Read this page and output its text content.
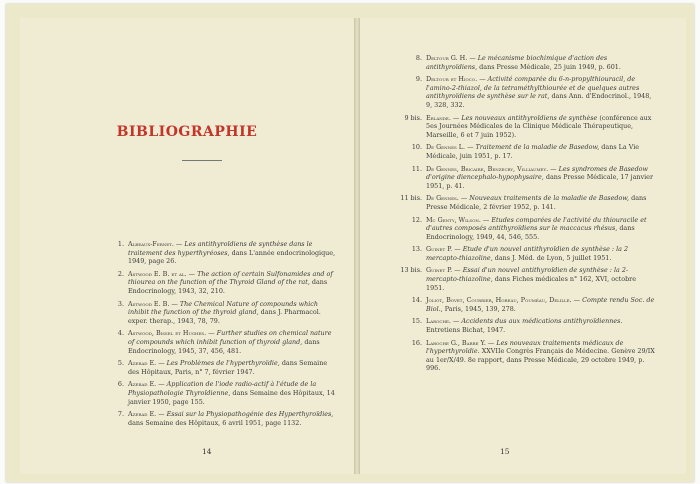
BIBLIOGRAPHIE
1. Albeaux-Fernet. — Les antithyroïdiens de synthèse dans le traitement des hyperthyréoses, dans L'année endocrinologique, 1949, page 26.
2. Astwood E. B. et al. — The action of certain Sulfonamides and of thiourea on the function of the Thyroid Gland of the rat, dans Endocrinology, 1943, 32, 210.
3. Astwood E. B. — The Chemical Nature of compounds which inhibit the function of the thyroid gland, dans J. Pharmacol. exper. therap., 1943, 78, 79.
4. Astwood, Bissel et Hughes. — Further studies on chemical nature of compounds which inhibit function of thyroid gland, dans Endocrinology, 1945, 37, 456, 481.
5. Azerad E. — Les Problèmes de l'hyperthyroïdie, dans Semaine des Hôpitaux, Paris, n° 7, février 1947.
6. Azerad E. — Application de l'iode radio-actif à l'étude de la Physiopathologie Thyroïdienne, dans Semaine des Hôpitaux, 14 janvier 1950, page 155.
7. Azerad E. — Essai sur la Physiopathogénie des Hyperthyroïdies, dans Semaine des Hôpitaux, 6 avril 1951, page 1132.
14
8. Deltour G. H. — Le mécanisme biochimique d'action des antithyroïdiens, dans Presse Médicale, 25 juin 1949, p. 601.
9. Deltour et Hioco. — Activité comparée du 6-n-propylthiouracil, de l'amino-2-thiazol, de la tetraméthylthiourée et de quelques autres antithyroïdiens de synthèse sur le rat, dans Ann. d'Endocrinol., 1948, 9, 328, 332.
9 bis. Erlande. — Les nouveaux antithyroïdiens de synthèse (conférence aux 5es Journées Médicales de la Clinique Médicale Thérapeutique, Marseille, 6 et 7 juin 1952).
10. De Gennes L. — Traitement de la maladie de Basedow, dans La Vie Médicale, juin 1951, p. 17.
11. De Gennes, Bricaire, Benzecry, Villiaumey. — Les syndromes de Basedow d'origine diencephalo-hypophysaire, dans Presse Médicale, 17 janvier 1951, p. 41.
11 bis. De Gennes. — Nouveaux traitements de la maladie de Basedow, dans Presse Médicale, 2 février 1952, p. 141.
12. Mc Genty, Wilson. — Etudes comparées de l'activité du thiouracile et d'autres composés antithyroïdiens sur le maccacus rhésus, dans Endocrinology, 1949, 44, 546, 555.
13. Guinet P. — Etude d'un nouvel antithyroïdien de synthèse : la 2 mercapto-thiazoline, dans J. Méd. de Lyon, 5 juillet 1951.
13 bis. Guinet P. — Essai d'un nouvel antithyroïdien de synthèse : la 2-mercapto-thiazoline, dans Fiches médicales n° 162, XVI, octobre 1951.
14. Joliot, Bovet, Courrier, Horeau, Pouméau, Delille. — Compte rendu Soc. de Biol., Paris, 1945, 139, 278.
15. Laroche. — Accidents dus aux médications antithyroïdiennes. Entretiens Bichat, 1947.
16. Laroche G., Barre Y. — Les nouveaux traitements médicaux de l'hyperthyroïdie. XXVIIe Congrès Français de Médecine. Genève 29/IX au 1er/X/49. 8e rapport, dans Presse Médicale, 29 octobre 1949, p. 996.
15
